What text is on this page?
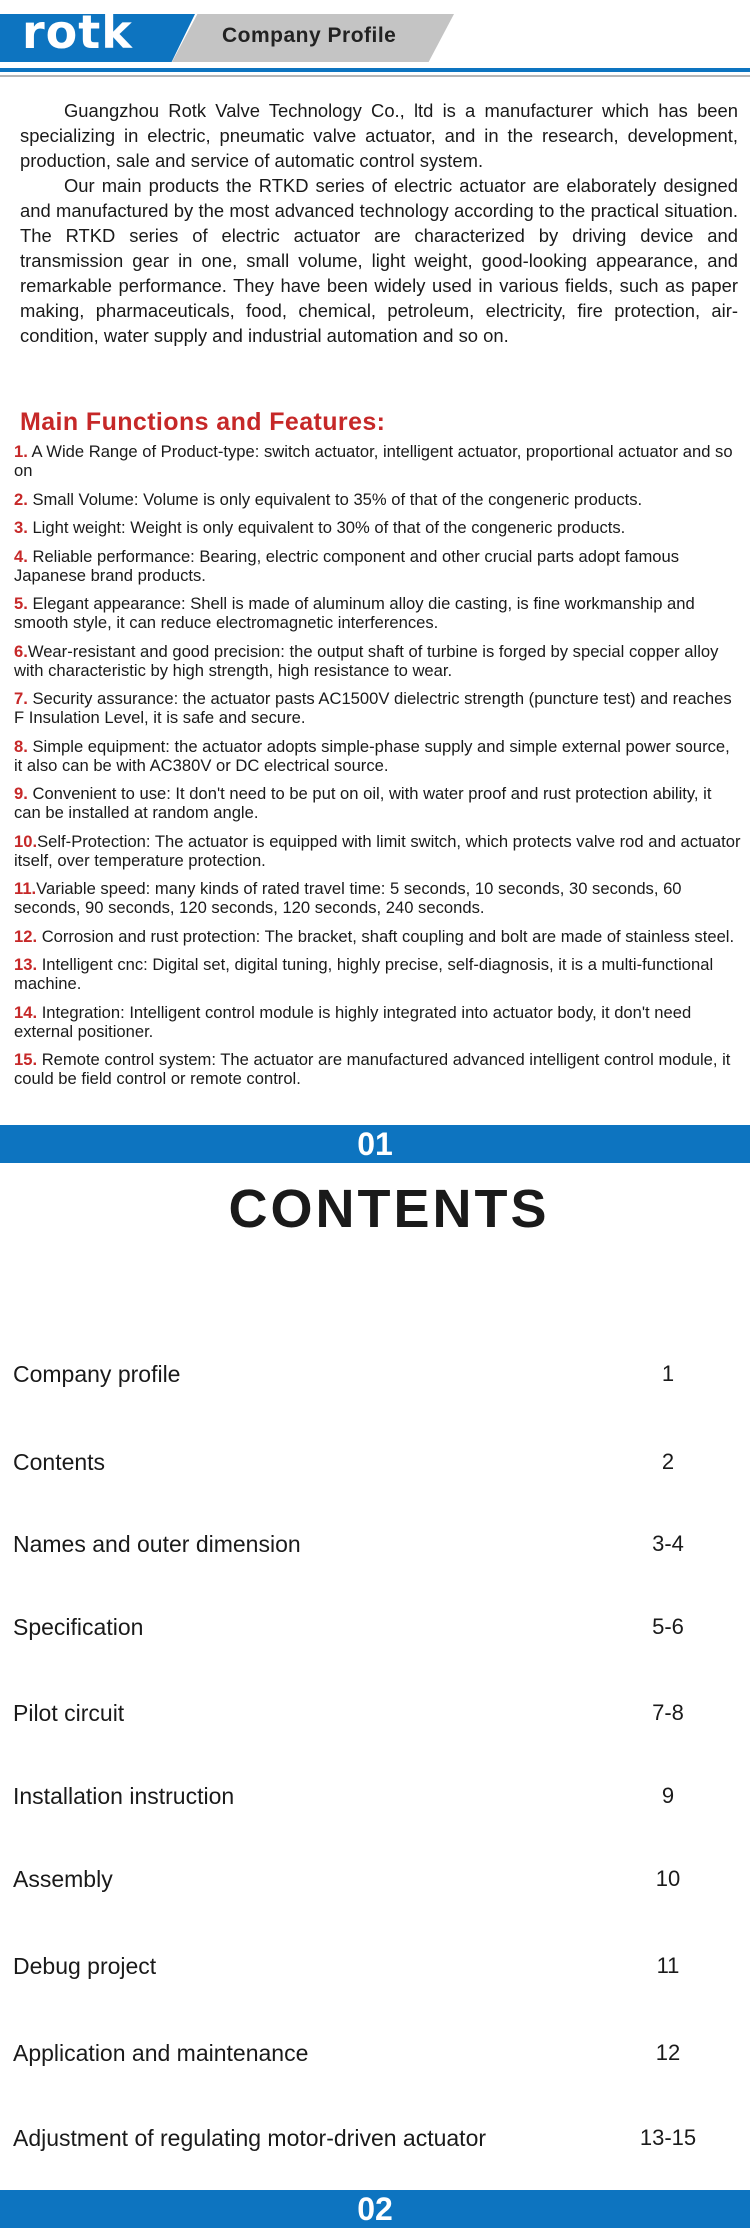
rotk	Company Profile

Guangzhou Rotk Valve Technology Co., ltd is a manufacturer which has been specializing in electric, pneumatic valve actuator, and in the research, development, production, sale and service of automatic control system.

Our main products the RTKD series of electric actuator are elaborately designed and manufactured by the most advanced technology according to the practical situation. The RTKD series of electric actuator are characterized by driving device and transmission gear in one, small volume, light weight, good-looking appearance, and remarkable performance. They have been widely used in various fields, such as paper making, pharmaceuticals, food, chemical, petroleum, electricity, fire protection, air-condition, water supply and industrial automation and so on.

Main Functions and Features:
1. A Wide Range of Product-type: switch actuator, intelligent actuator, proportional actuator and so on
2. Small Volume: Volume is only equivalent to 35% of that of the congeneric products.
3. Light weight: Weight is only equivalent to 30% of that of the congeneric products.
4. Reliable performance: Bearing, electric component and other crucial parts adopt famous Japanese brand products.
5. Elegant appearance: Shell is made of aluminum alloy die casting, is fine workmanship and smooth style, it can reduce electromagnetic interferences.
6.Wear-resistant and good precision: the output shaft of turbine is forged by special copper alloy with characteristic by high strength, high resistance to wear.
7. Security assurance: the actuator pasts AC1500V dielectric strength (puncture test) and reaches F Insulation Level, it is safe and secure.
8. Simple equipment: the actuator adopts simple-phase supply and simple external power source, it also can be with AC380V or DC electrical source.
9. Convenient to use: It don't need to be put on oil, with water proof and rust protection ability, it can be installed at random angle.
10.Self-Protection: The actuator is equipped with limit switch, which protects valve rod and actuator itself, over temperature protection.
11.Variable speed: many kinds of rated travel time: 5 seconds, 10 seconds, 30 seconds, 60 seconds, 90 seconds, 120 seconds, 120 seconds, 240 seconds.
12. Corrosion and rust protection: The bracket, shaft coupling and bolt are made of stainless steel.
13. Intelligent cnc: Digital set, digital tuning, highly precise, self-diagnosis, it is a multi-functional machine.
14. Integration: Intelligent control module is highly integrated into actuator body, it don't need external positioner.
15. Remote control system: The actuator are manufactured advanced intelligent control module, it could be field control or remote control.
01
CONTENTS
Company profile	1
Contents	2
Names and outer dimension	3-4
Specification	5-6
Pilot circuit	7-8
Installation instruction	9
Assembly	10
Debug project	11
Application and maintenance	12
Adjustment of regulating motor-driven actuator	13-15
02
